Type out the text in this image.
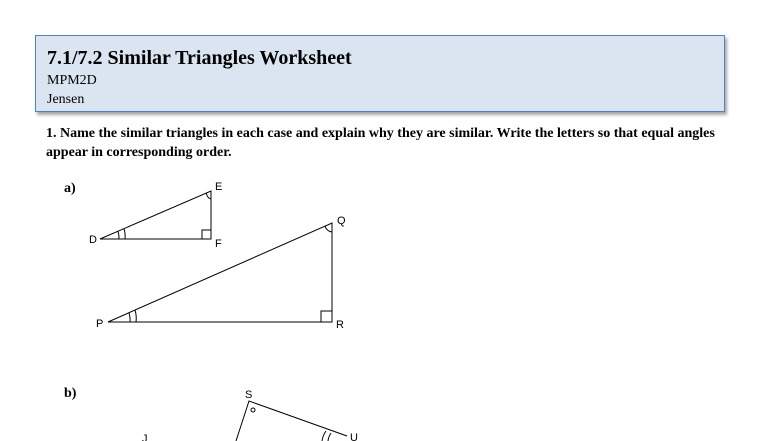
7.1/7.2 Similar Triangles Worksheet
MPM2D
Jensen
1. Name the similar triangles in each case and explain why they are similar. Write the letters so that equal angles appear in corresponding order.
a)
b)
D
E
F
P
Q
R
S
U
J
